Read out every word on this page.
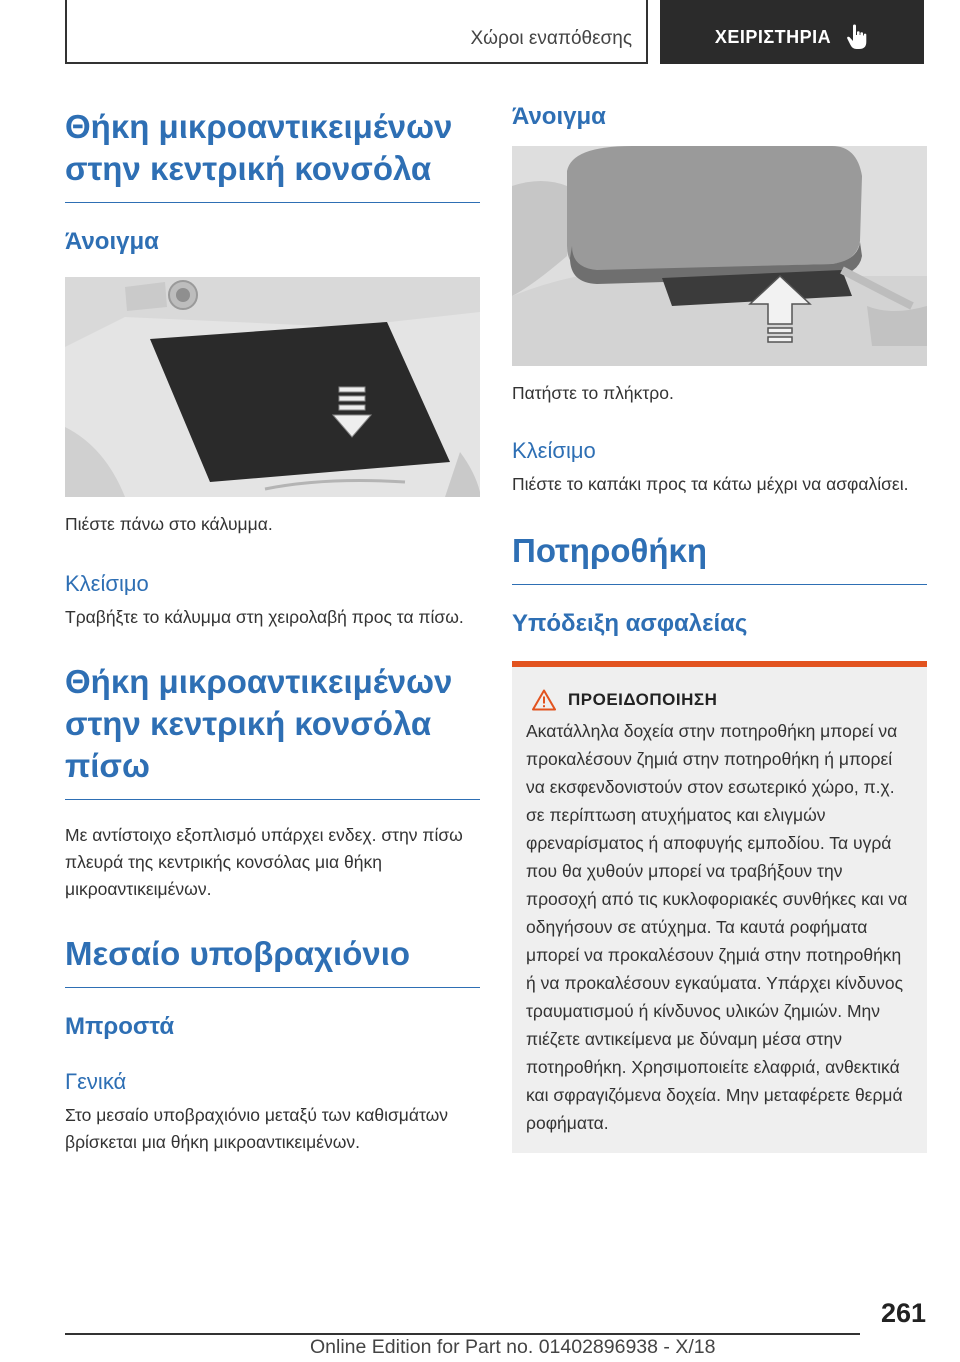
Χώροι εναπόθεσης	ΧΕΙΡΙΣΤΗΡΙΑ
Θήκη μικροαντικειμένων στην κεντρική κονσόλα
Άνοιγμα
Πιέστε πάνω στο κάλυμμα.
Κλείσιμο
Τραβήξτε το κάλυμμα στη χειρολαβή προς τα πίσω.
Θήκη μικροαντικειμένων στην κεντρική κονσόλα πίσω
Με αντίστοιχο εξοπλισμό υπάρχει ενδεχ. στην πίσω πλευρά της κεντρικής κονσόλας μια θήκη μικροαντικειμένων.
Μεσαίο υποβραχιόνιο
Μπροστά
Γενικά
Στο μεσαίο υποβραχιόνιο μεταξύ των καθισμάτων βρίσκεται μια θήκη μικροαντικειμένων.
Άνοιγμα
Πατήστε το πλήκτρο.
Κλείσιμο
Πιέστε το καπάκι προς τα κάτω μέχρι να ασφαλίσει.
Ποτηροθήκη
Υπόδειξη ασφαλείας
ΠΡΟΕΙΔΟΠΟΙΗΣΗ
Ακατάλληλα δοχεία στην ποτηροθήκη μπορεί να προκαλέσουν ζημιά στην ποτηροθήκη ή μπορεί να εκσφενδονιστούν στον εσωτερικό χώρο, π.χ. σε περίπτωση ατυχήματος και ελιγμών φρεναρίσματος ή αποφυγής εμποδίου. Τα υγρά που θα χυθούν μπορεί να τραβήξουν την προσοχή από τις κυκλοφοριακές συνθήκες και να οδηγήσουν σε ατύχημα. Τα καυτά ροφήματα μπορεί να προκαλέσουν ζημιά στην ποτηροθήκη ή να προκαλέσουν εγκαύματα. Υπάρχει κίνδυνος τραυματισμού ή κίνδυνος υλικών ζημιών. Μην πιέζετε αντικείμενα με δύναμη μέσα στην ποτηροθήκη. Χρησιμοποιείτε ελαφριά, ανθεκτικά και σφραγιζόμενα δοχεία. Μην μεταφέρετε θερμά ροφήματα.
261
Online Edition for Part no. 01402896938 - X/18
